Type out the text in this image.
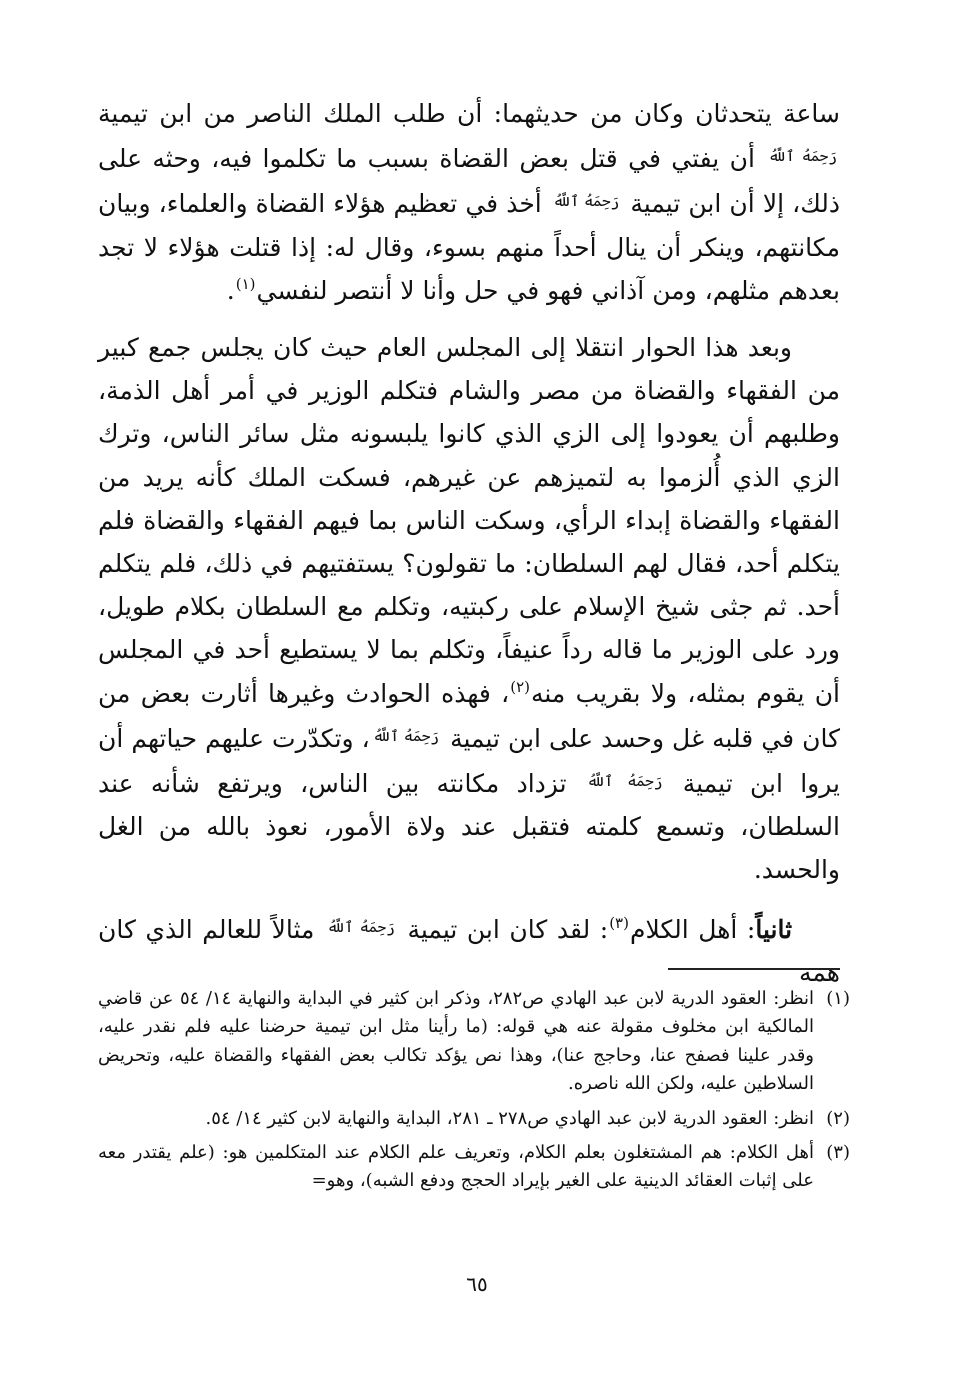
ساعة يتحدثان وكان من حديثهما: أن طلب الملك الناصر من ابن تيمية $^{رَحِمَهُ ٱللَّهُ}$ أن يفتي في قتل بعض القضاة بسبب ما تكلموا فيه، وحثه على ذلك، إلا أن ابن تيمية $^{رَحِمَهُ ٱللَّهُ}$ أخذ في تعظيم هؤلاء القضاة والعلماء، وبيان مكانتهم، وينكر أن ينال أحداً منهم بسوء، وقال له: إذا قتلت هؤلاء لا تجد بعدهم مثلهم، ومن آذاني فهو في حل وأنا لا أنتصر لنفسي$^{(١)}$.

وبعد هذا الحوار انتقلا إلى المجلس العام حيث كان يجلس جمع كبير من الفقهاء والقضاة من مصر والشام فتكلم الوزير في أمر أهل الذمة، وطلبهم أن يعودوا إلى الزي الذي كانوا يلبسونه مثل سائر الناس، وترك الزي الذي أُلزموا به لتميزهم عن غيرهم، فسكت الملك كأنه يريد من الفقهاء والقضاة إبداء الرأي، وسكت الناس بما فيهم الفقهاء والقضاة فلم يتكلم أحد، فقال لهم السلطان: ما تقولون؟ يستفتيهم في ذلك، فلم يتكلم أحد. ثم جثى شيخ الإسلام على ركبتيه، وتكلم مع السلطان بكلام طويل، ورد على الوزير ما قاله رداً عنيفاً، وتكلم بما لا يستطيع أحد في المجلس أن يقوم بمثله، ولا بقريب منه$^{(٢)}$، فهذه الحوادث وغيرها أثارت بعض من كان في قلبه غل وحسد على ابن تيمية $^{رَحِمَهُ ٱللَّهُ}$، وتكدّرت عليهم حياتهم أن يروا ابن تيمية $^{رَحِمَهُ ٱللَّهُ}$ تزداد مكانته بين الناس، ويرتفع شأنه عند السلطان، وتسمع كلمته فتقبل عند ولاة الأمور، نعوذ بالله من الغل والحسد.

ثانياً: أهل الكلام$^{(٣)}$: لقد كان ابن تيمية $^{رَحِمَهُ ٱللَّهُ}$ مثالاً للعالم الذي كان همه

(١)
انظر: العقود الدرية لابن عبد الهادي ص٢٨٢، وذكر ابن كثير في البداية والنهاية ١٤/ ٥٤ عن قاضي المالكية ابن مخلوف مقولة عنه هي قوله: (ما رأينا مثل ابن تيمية حرضنا عليه فلم نقدر عليه، وقدر علينا فصفح عنا، وحاجج عنا)، وهذا نص يؤكد تكالب بعض الفقهاء والقضاة عليه، وتحريض السلاطين عليه، ولكن الله ناصره.
(٢)
انظر: العقود الدرية لابن عبد الهادي ص٢٧٨ ـ ٢٨١، البداية والنهاية لابن كثير ١٤/ ٥٤.
(٣)
أهل الكلام: هم المشتغلون بعلم الكلام، وتعريف علم الكلام عند المتكلمين هو: (علم يقتدر معه على إثبات العقائد الدينية على الغير بإيراد الحجج ودفع الشبه)، وهو=
٦٥
